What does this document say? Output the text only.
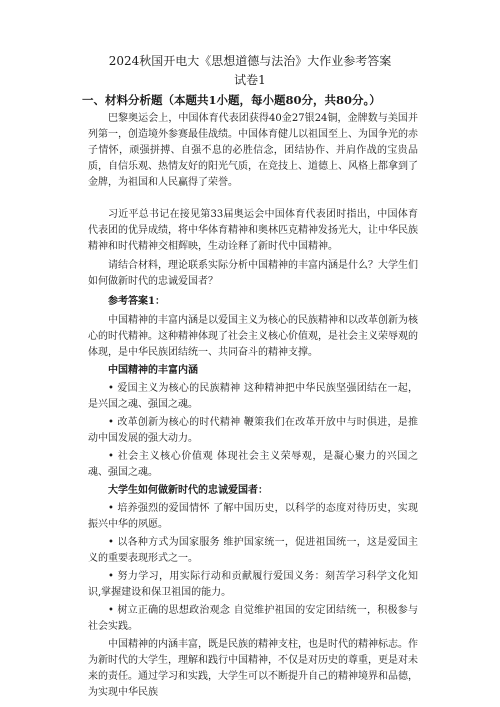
2024秋国开电大《思想道德与法治》大作业参考答案
试卷1
一、材料分析题（本题共1小题，每小题80分，共80分。）
巴黎奥运会上，中国体育代表团获得40金27银24铜，金牌数与美国并列第一，创造境外参赛最佳战绩。中国体育健儿以祖国至上、为国争光的赤子情怀，顽强拼搏、自强不息的必胜信念，团结协作、并肩作战的宝贵品质，自信乐观、热情友好的阳光气质，在竞技上、道德上、风格上都拿到了金牌，为祖国和人民赢得了荣誉。
习近平总书记在接见第33届奥运会中国体育代表团时指出，中国体育代表团的优异成绩，将中华体育精神和奥林匹克精神发扬光大，让中华民族精神和时代精神交相辉映，生动诠释了新时代中国精神。
请结合材料，理论联系实际分析中国精神的丰富内涵是什么？大学生们如何做新时代的忠诚爱国者？
参考答案1：
中国精神的丰富内涵是以爱国主义为核心的民族精神和以改革创新为核心的时代精神。这种精神体现了社会主义核心价值观，是社会主义荣辱观的体现，是中华民族团结统一、共同奋斗的精神支撑。
中国精神的丰富内涵
• 爱国主义为核心的民族精神 这种精神把中华民族坚强团结在一起，是兴国之魂、强国之魂。
• 改革创新为核心的时代精神 鞭策我们在改革开放中与时俱进，是推动中国发展的强大动力。
• 社会主义核心价值观 体现社会主义荣辱观，是凝心聚力的兴国之魂、强国之魂。
大学生如何做新时代的忠诚爱国者：
• 培养强烈的爱国情怀 了解中国历史，以科学的态度对待历史，实现振兴中华的夙愿。
• 以各种方式为国家服务 维护国家统一，促进祖国统一，这是爱国主义的重要表现形式之一。
• 努力学习，用实际行动和贡献履行爱国义务：刻苦学习科学文化知识,掌握建设和保卫祖国的能力。
• 树立正确的思想政治观念 自觉维护祖国的安定团结统一，积极参与社会实践。
中国精神的内涵丰富，既是民族的精神支柱，也是时代的精神标志。作为新时代的大学生，理解和践行中国精神，不仅是对历史的尊重，更是对未来的责任。通过学习和实践，大学生可以不断提升自己的精神境界和品德，为实现中华民族
